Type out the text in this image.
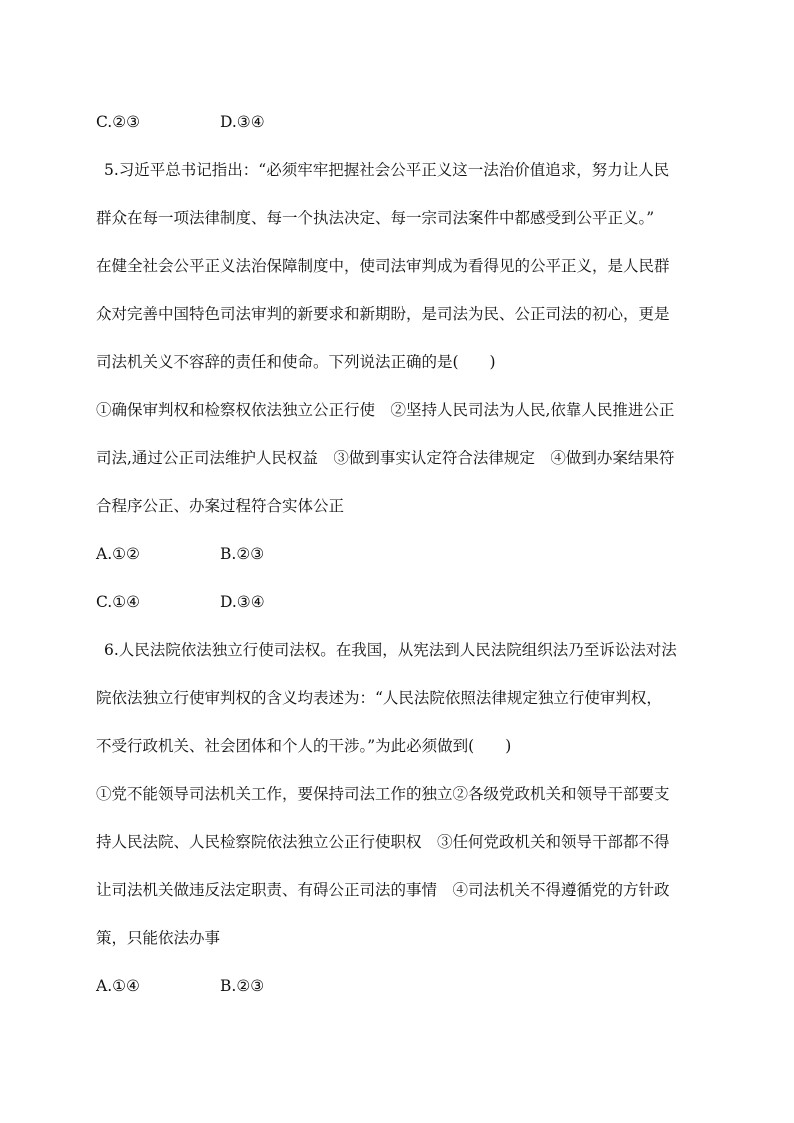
C.②③	D.③④
5.习近平总书记指出：“必须牢牢把握社会公平正义这一法治价值追求，努力让人民
群众在每一项法律制度、每一个执法决定、每一宗司法案件中都感受到公平正义。”
在健全社会公平正义法治保障制度中，使司法审判成为看得见的公平正义，是人民群
众对完善中国特色司法审判的新要求和新期盼，是司法为民、公正司法的初心，更是
司法机关义不容辞的责任和使命。下列说法正确的是(　　)
①确保审判权和检察权依法独立公正行使　②坚持人民司法为人民,依靠人民推进公正
司法,通过公正司法维护人民权益　③做到事实认定符合法律规定　④做到办案结果符
合程序公正、办案过程符合实体公正
A.①②	B.②③
C.①④	D.③④
6.人民法院依法独立行使司法权。在我国，从宪法到人民法院组织法乃至诉讼法对法
院依法独立行使审判权的含义均表述为：“人民法院依照法律规定独立行使审判权，
不受行政机关、社会团体和个人的干涉。”为此必须做到(　　)
①党不能领导司法机关工作，要保持司法工作的独立②各级党政机关和领导干部要支
持人民法院、人民检察院依法独立公正行使职权　③任何党政机关和领导干部都不得
让司法机关做违反法定职责、有碍公正司法的事情　④司法机关不得遵循党的方针政
策，只能依法办事
A.①④	B.②③
